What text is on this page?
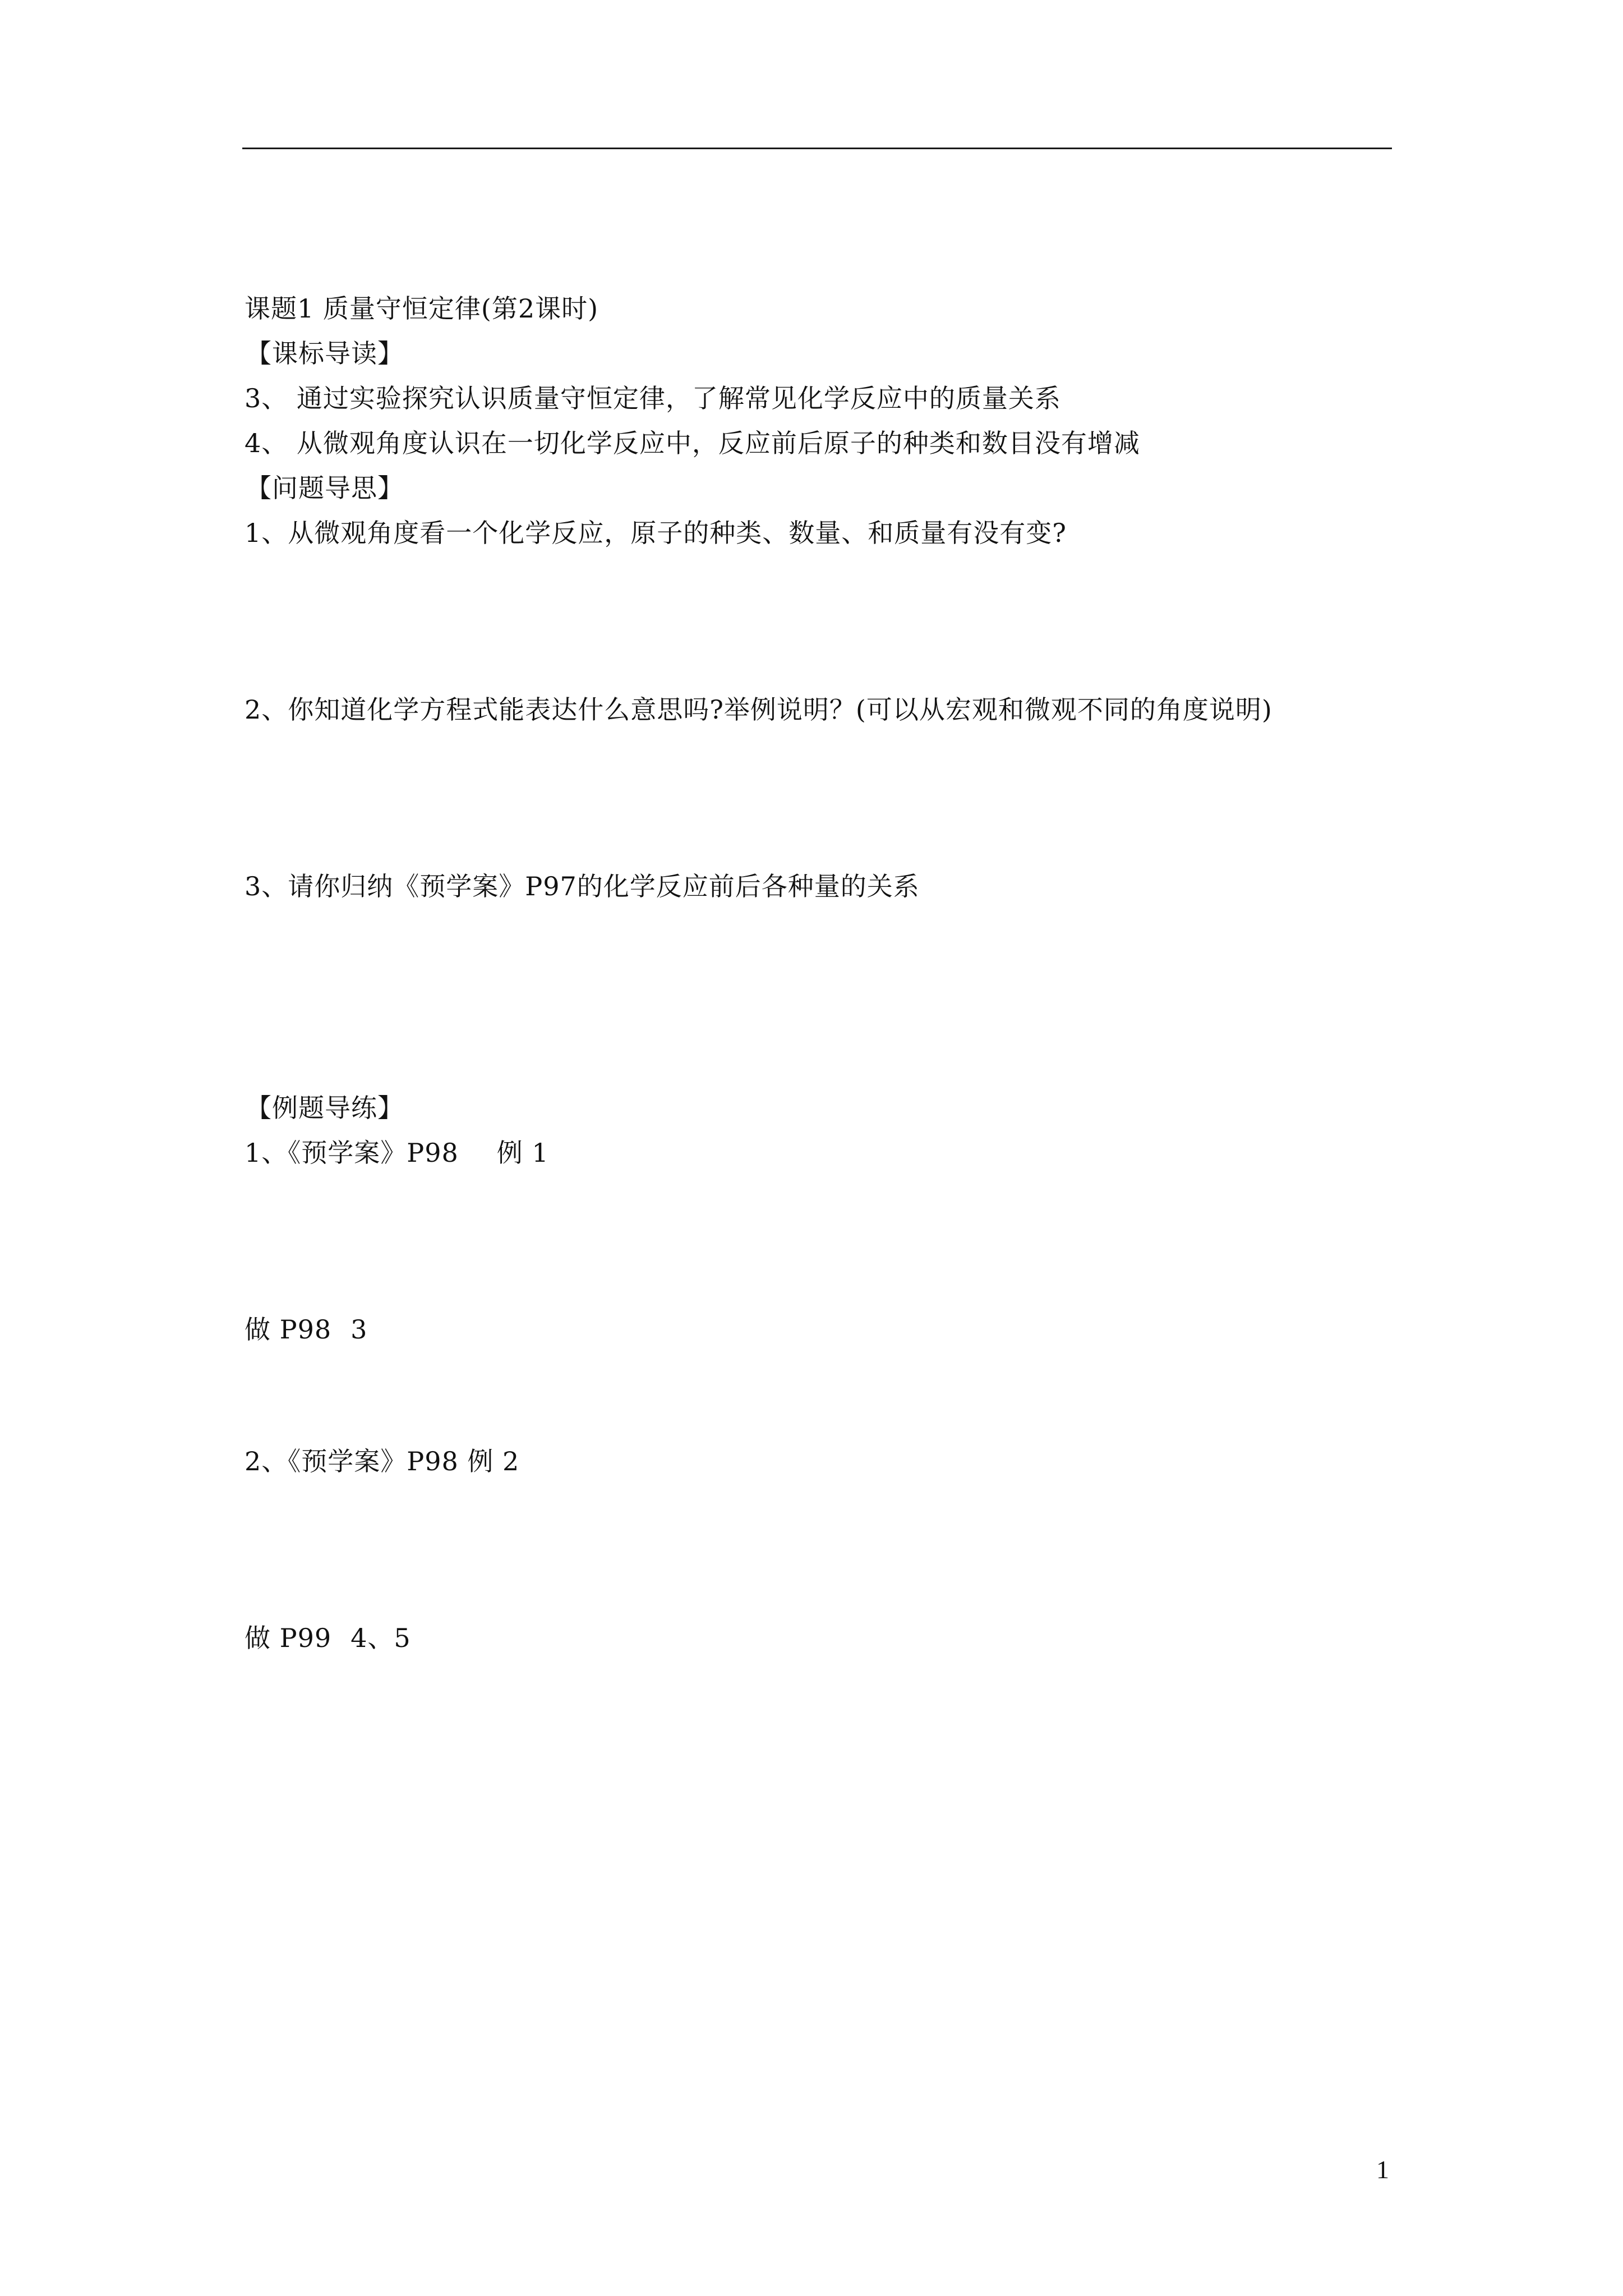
课题1 质量守恒定律(第2课时)
【课标导读】
3、 通过实验探究认识质量守恒定律，了解常见化学反应中的质量关系
4、 从微观角度认识在一切化学反应中，反应前后原子的种类和数目没有增减
【问题导思】
1、从微观角度看一个化学反应，原子的种类、数量、和质量有没有变?
2、你知道化学方程式能表达什么意思吗?举例说明？(可以从宏观和微观不同的角度说明)
3、请你归纳《预学案》P97的化学反应前后各种量的关系
【例题导练】
1、《预学案》P98 例 1
做 P98 3
2、《预学案》P98 例 2
做 P99 4、5
1
